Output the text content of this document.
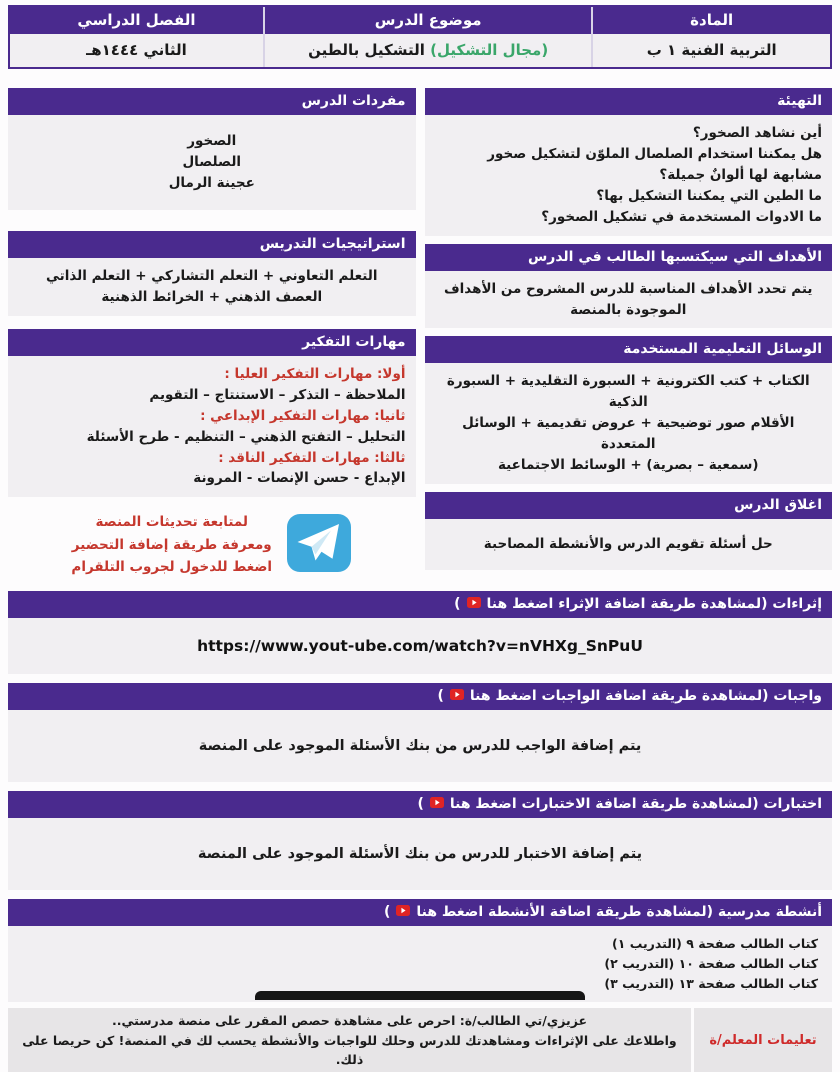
المادة
التربية الفنية ١ ب
موضوع الدرس
(مجال التشكيل) التشكيل بالطين
الفصل الدراسي
الثاني ١٤٤٤هـ
التهيئة
أين نشاهد الصخور؟
هل يمكننا استخدام الصلصال الملوّن لتشكيل صخور مشابهة لها ألوانٌ جميلة؟
ما الطين التي يمكننا التشكيل بها؟
ما الادوات المستخدمة في تشكيل الصخور؟
الأهداف التي سيكتسبها الطالب في الدرس
يتم تحدد الأهداف المناسبة للدرس المشروح من الأهداف الموجودة بالمنصة
الوسائل التعليمية المستخدمة
الكتاب + كتب الكترونية + السبورة التقليدية + السبورة الذكية
الأقلام صور توضيحية + عروض تقديمية + الوسائل المتعددة
(سمعية – بصرية) + الوسائط الاجتماعية
اغلاق الدرس
حل أسئلة تقويم الدرس والأنشطة المصاحبة
مفردات الدرس
الصخور
الصلصال
عجينة الرمال
استراتيجيات التدريس
التعلم التعاوني + التعلم التشاركي + التعلم الذاتي
العصف الذهني + الخرائط الذهنية
مهارات التفكير
أولا: مهارات التفكير العليا :
الملاحظة – التذكر – الاستنتاج – التقويم
ثانيا: مهارات التفكير الإبداعي :
التحليل – التفتح الذهني – التنظيم - طرح الأسئلة
ثالثا: مهارات التفكير الناقد :
الإبداع - حسن الإنصات - المرونة
لمتابعة تحديثات المنصة
ومعرفة طريقة إضافة التحضير
اضغط للدخول لجروب التلقرام
إثراءات (لمشاهدة طريقة اضافة الإثراء اضغط هنا
)
https://www.yout-ube.com/watch?v=nVHXg_SnPuU
واجبات (لمشاهدة طريقة اضافة الواجبات اضغط هنا
)
يتم إضافة الواجب للدرس من بنك الأسئلة الموجود على المنصة
اختبارات (لمشاهدة طريقة اضافة الاختبارات اضغط هنا
)
يتم إضافة الاختبار للدرس من بنك الأسئلة الموجود على المنصة
أنشطة مدرسية (لمشاهدة طريقة اضافة الأنشطة اضغط هنا
)
كتاب الطالب صفحة ٩ (التدريب ١)
كتاب الطالب صفحة ١٠ (التدريب ٢)
كتاب الطالب صفحة ١٣ (التدريب ٣)
تعليمات المعلم/ة
عزيزي/تي الطالب/ة: احرص على مشاهدة حصص المقرر على منصة مدرستي..
واطلاعك على الإثراءات ومشاهدتك للدرس وحلك للواجبات والأنشطة يحسب لك في المنصة! كن حريصا على ذلك.
